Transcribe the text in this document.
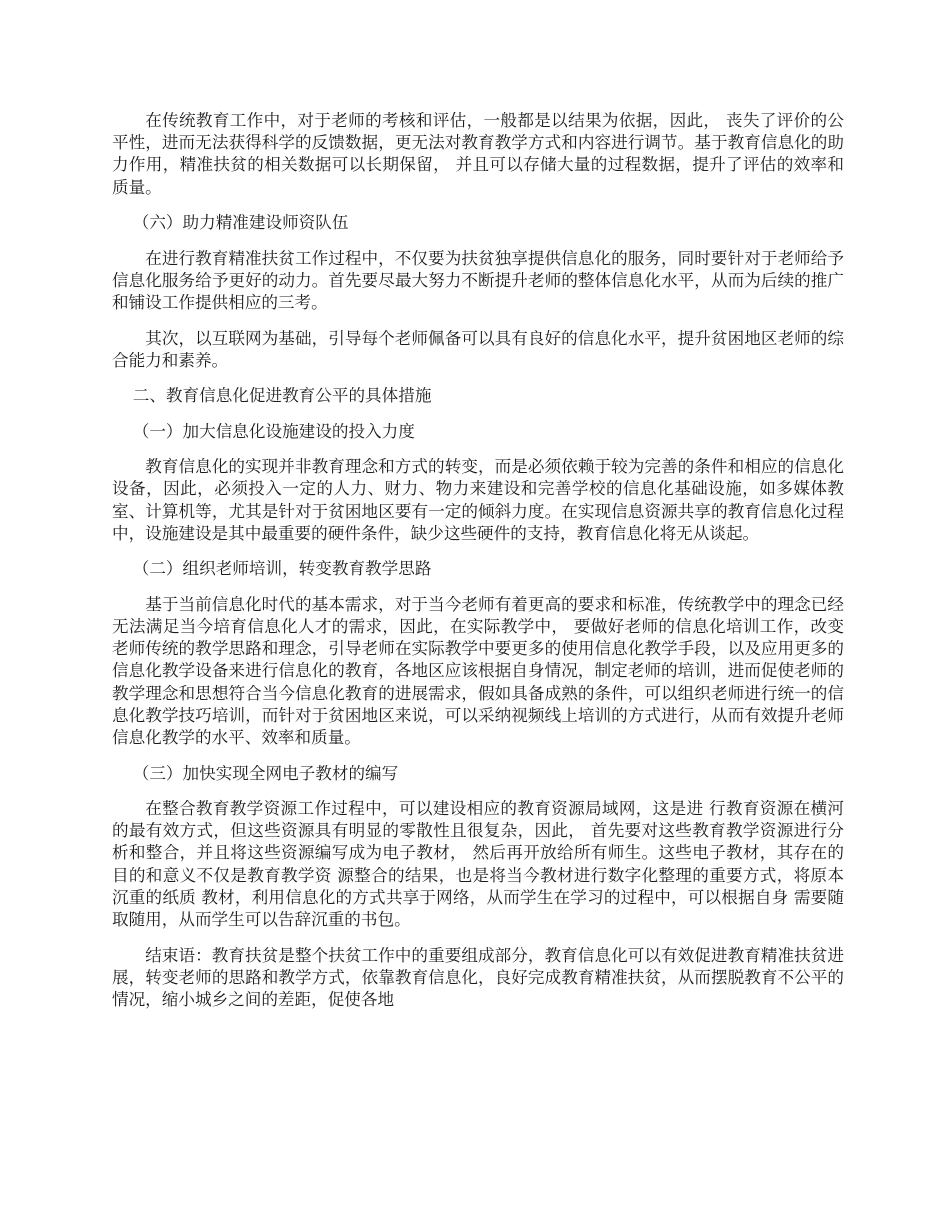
在传统教育工作中，对于老师的考核和评估，一般都是以结果为依据，因此， 丧失了评价的公平性，进而无法获得科学的反馈数据，更无法对教育教学方式和内容进行调节。基于教育信息化的助力作用，精准扶贫的相关数据可以长期保留， 并且可以存储大量的过程数据，提升了评估的效率和质量。

（六）助力精准建设师资队伍

在进行教育精准扶贫工作过程中，不仅要为扶贫独享提供信息化的服务，同时要针对于老师给予信息化服务给予更好的动力。首先要尽最大努力不断提升老师的整体信息化水平，从而为后续的推广和铺设工作提供相应的三考。

其次，以互联网为基础，引导每个老师佩备可以具有良好的信息化水平，提升贫困地区老师的综合能力和素养。

二、教育信息化促进教育公平的具体措施

（一）加大信息化设施建设的投入力度

教育信息化的实现并非教育理念和方式的转变，而是必须依赖于较为完善的条件和相应的信息化设备，因此，必须投入一定的人力、财力、物力来建设和完善学校的信息化基础设施，如多媒体教室、计算机等，尤其是针对于贫困地区要有一定的倾斜力度。在实现信息资源共享的教育信息化过程中，设施建设是其中最重要的硬件条件，缺少这些硬件的支持，教育信息化将无从谈起。

（二）组织老师培训，转变教育教学思路

基于当前信息化时代的基本需求，对于当今老师有着更高的要求和标准，传统教学中的理念已经无法满足当今培育信息化人才的需求，因此，在实际教学中， 要做好老师的信息化培训工作，改变老师传统的教学思路和理念，引导老师在实际教学中要更多的使用信息化教学手段，以及应用更多的信息化教学设备来进行信息化的教育，各地区应该根据自身情况，制定老师的培训，进而促使老师的教学理念和思想符合当今信息化教育的进展需求，假如具备成熟的条件，可以组织老师进行统一的信息化教学技巧培训，而针对于贫困地区来说，可以采纳视频线上培训的方式进行，从而有效提升老师信息化教学的水平、效率和质量。

（三）加快实现全网电子教材的编写

在整合教育教学资源工作过程中，可以建设相应的教育资源局域网，这是进 行教育资源在横河的最有效方式，但这些资源具有明显的零散性且很复杂，因此， 首先要对这些教育教学资源进行分析和整合，并且将这些资源编写成为电子教材， 然后再开放给所有师生。这些电子教材，其存在的目的和意义不仅是教育教学资 源整合的结果，也是将当今教材进行数字化整理的重要方式，将原本沉重的纸质 教材，利用信息化的方式共享于网络，从而学生在学习的过程中，可以根据自身 需要随取随用，从而学生可以告辞沉重的书包。

结束语：教育扶贫是整个扶贫工作中的重要组成部分，教育信息化可以有效促进教育精准扶贫进展，转变老师的思路和教学方式，依靠教育信息化，良好完成教育精准扶贫，从而摆脱教育不公平的情况，缩小城乡之间的差距，促使各地
